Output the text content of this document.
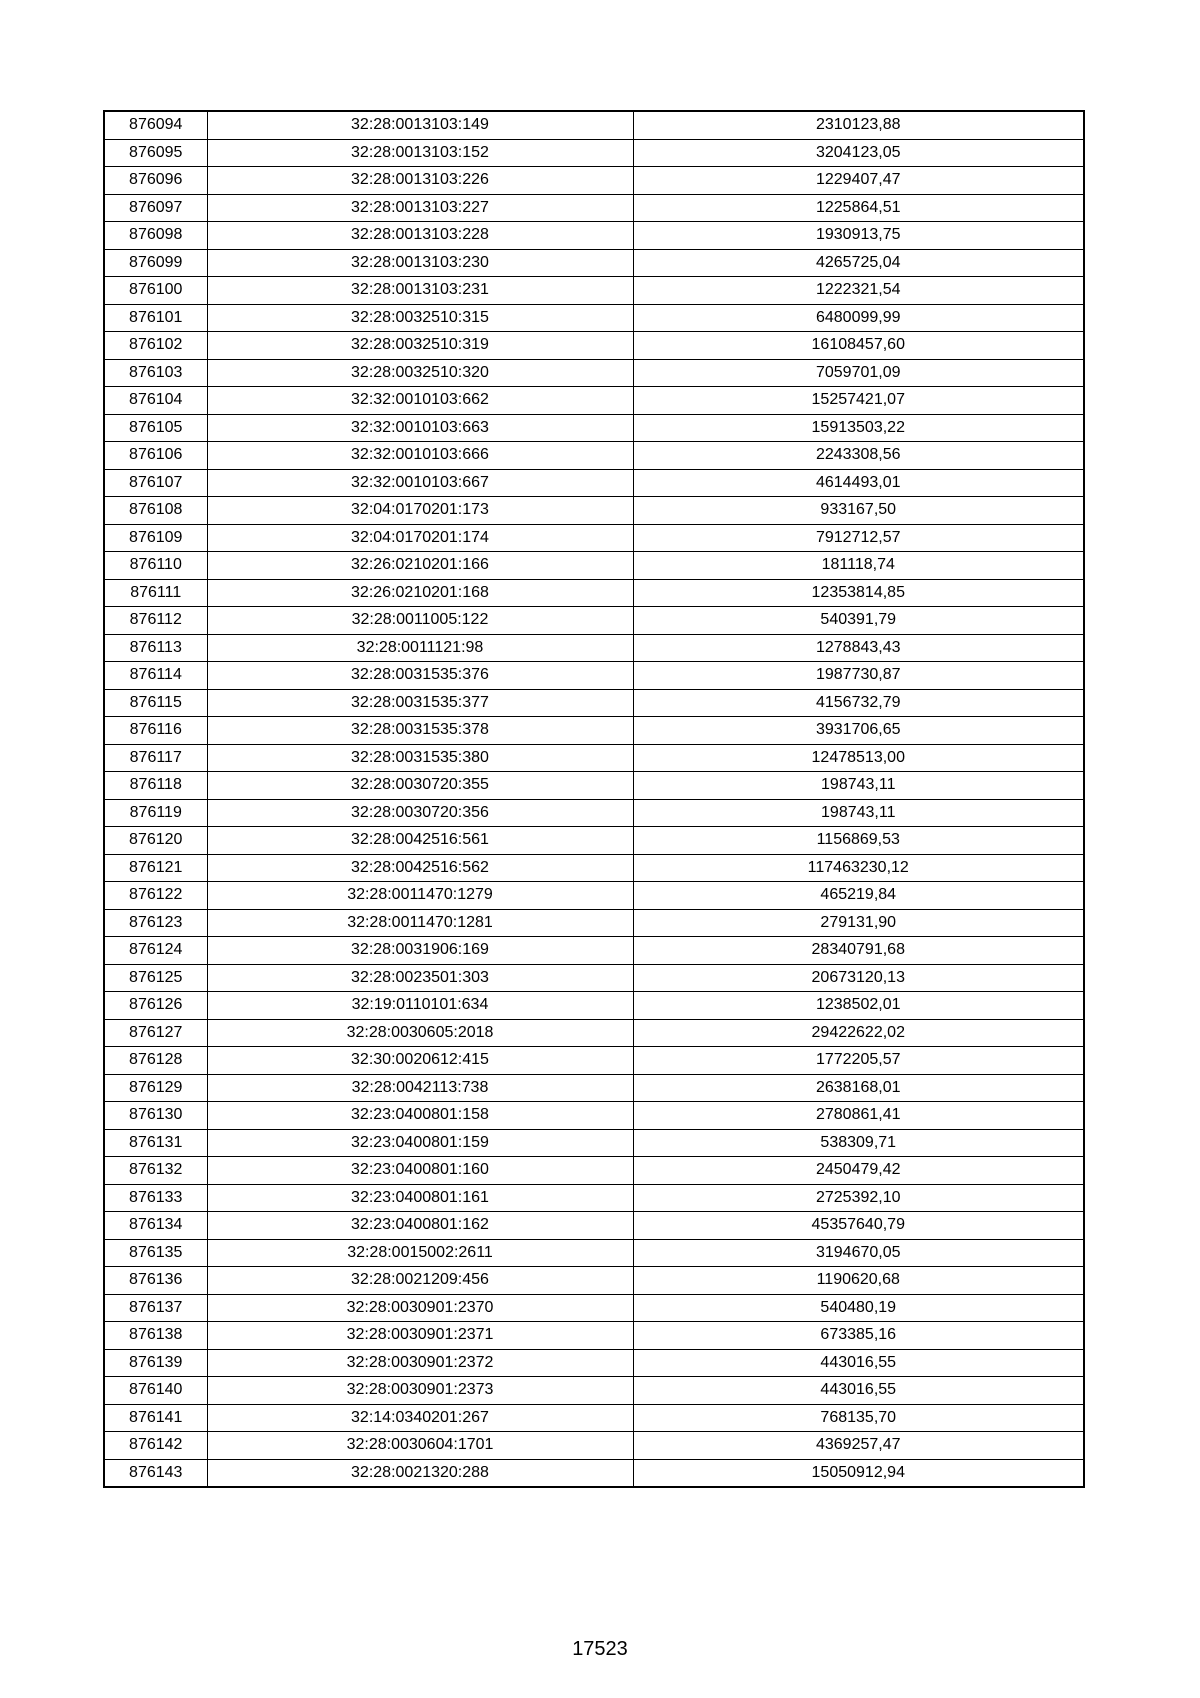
876094	32:28:0013103:149	2310123,88
876095	32:28:0013103:152	3204123,05
876096	32:28:0013103:226	1229407,47
876097	32:28:0013103:227	1225864,51
876098	32:28:0013103:228	1930913,75
876099	32:28:0013103:230	4265725,04
876100	32:28:0013103:231	1222321,54
876101	32:28:0032510:315	6480099,99
876102	32:28:0032510:319	16108457,60
876103	32:28:0032510:320	7059701,09
876104	32:32:0010103:662	15257421,07
876105	32:32:0010103:663	15913503,22
876106	32:32:0010103:666	2243308,56
876107	32:32:0010103:667	4614493,01
876108	32:04:0170201:173	933167,50
876109	32:04:0170201:174	7912712,57
876110	32:26:0210201:166	181118,74
876111	32:26:0210201:168	12353814,85
876112	32:28:0011005:122	540391,79
876113	32:28:0011121:98	1278843,43
876114	32:28:0031535:376	1987730,87
876115	32:28:0031535:377	4156732,79
876116	32:28:0031535:378	3931706,65
876117	32:28:0031535:380	12478513,00
876118	32:28:0030720:355	198743,11
876119	32:28:0030720:356	198743,11
876120	32:28:0042516:561	1156869,53
876121	32:28:0042516:562	117463230,12
876122	32:28:0011470:1279	465219,84
876123	32:28:0011470:1281	279131,90
876124	32:28:0031906:169	28340791,68
876125	32:28:0023501:303	20673120,13
876126	32:19:0110101:634	1238502,01
876127	32:28:0030605:2018	29422622,02
876128	32:30:0020612:415	1772205,57
876129	32:28:0042113:738	2638168,01
876130	32:23:0400801:158	2780861,41
876131	32:23:0400801:159	538309,71
876132	32:23:0400801:160	2450479,42
876133	32:23:0400801:161	2725392,10
876134	32:23:0400801:162	45357640,79
876135	32:28:0015002:2611	3194670,05
876136	32:28:0021209:456	1190620,68
876137	32:28:0030901:2370	540480,19
876138	32:28:0030901:2371	673385,16
876139	32:28:0030901:2372	443016,55
876140	32:28:0030901:2373	443016,55
876141	32:14:0340201:267	768135,70
876142	32:28:0030604:1701	4369257,47
876143	32:28:0021320:288	15050912,94
17523
